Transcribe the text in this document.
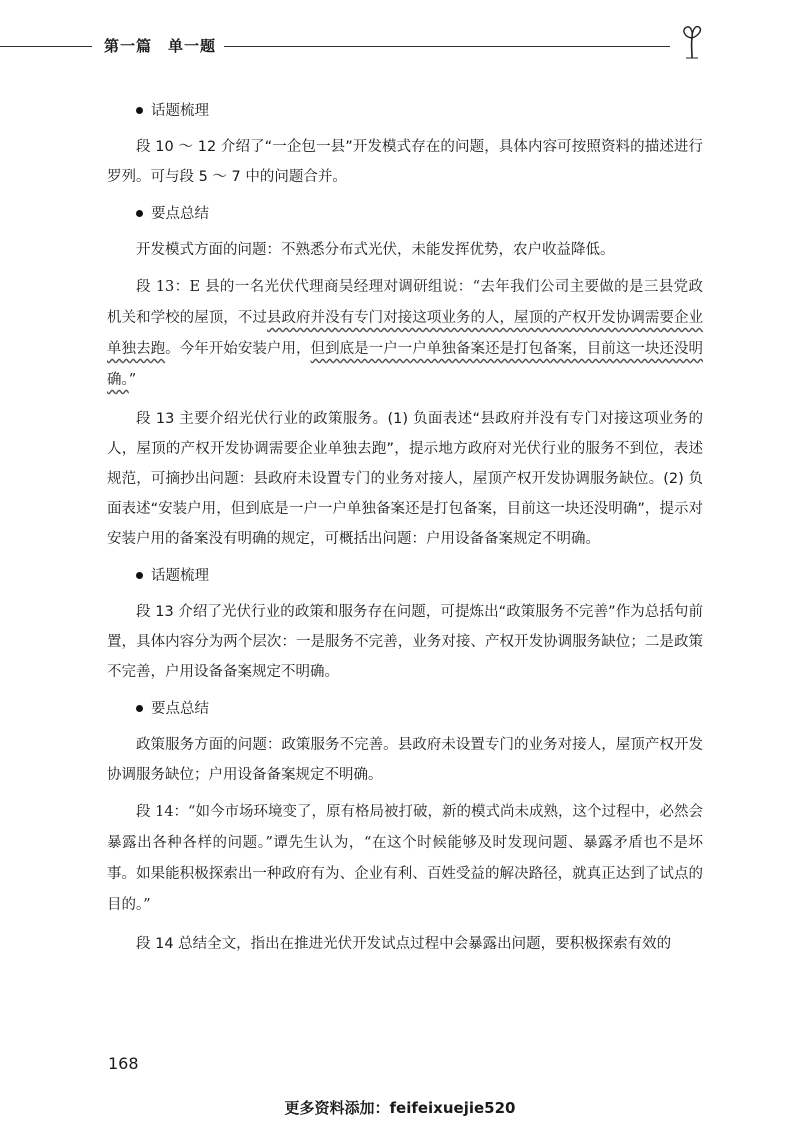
第一篇　单一题
话题梳理

段 10 ～ 12 介绍了“一企包一县”开发模式存在的问题，具体内容可按照资料的描述进行罗列。可与段 5 ～ 7 中的问题合并。

要点总结

开发模式方面的问题：不熟悉分布式光伏，未能发挥优势，农户收益降低。

段 13：E 县的一名光伏代理商吴经理对调研组说：“去年我们公司主要做的是三县党政机关和学校的屋顶，不过县政府并没有专门对接这项业务的人，屋顶的产权开发协调需要企业单独去跑。今年开始安装户用，但到底是一户一户单独备案还是打包备案，目前这一块还没明确。”

段 13 主要介绍光伏行业的政策服务。(1) 负面表述“县政府并没有专门对接这项业务的人，屋顶的产权开发协调需要企业单独去跑”，提示地方政府对光伏行业的服务不到位，表述规范，可摘抄出问题：县政府未设置专门的业务对接人，屋顶产权开发协调服务缺位。(2) 负面表述“安装户用，但到底是一户一户单独备案还是打包备案，目前这一块还没明确”，提示对安装户用的备案没有明确的规定，可概括出问题：户用设备备案规定不明确。

话题梳理

段 13 介绍了光伏行业的政策和服务存在问题，可提炼出“政策服务不完善”作为总括句前置，具体内容分为两个层次：一是服务不完善，业务对接、产权开发协调服务缺位；二是政策不完善，户用设备备案规定不明确。

要点总结

政策服务方面的问题：政策服务不完善。县政府未设置专门的业务对接人，屋顶产权开发协调服务缺位；户用设备备案规定不明确。

段 14：“如今市场环境变了，原有格局被打破，新的模式尚未成熟，这个过程中，必然会暴露出各种各样的问题。”谭先生认为，“在这个时候能够及时发现问题、暴露矛盾也不是坏事。如果能积极探索出一种政府有为、企业有利、百姓受益的解决路径，就真正达到了试点的目的。”

段 14 总结全文，指出在推进光伏开发试点过程中会暴露出问题，要积极探索有效的

168
更多资料添加：feifeixuejie520
